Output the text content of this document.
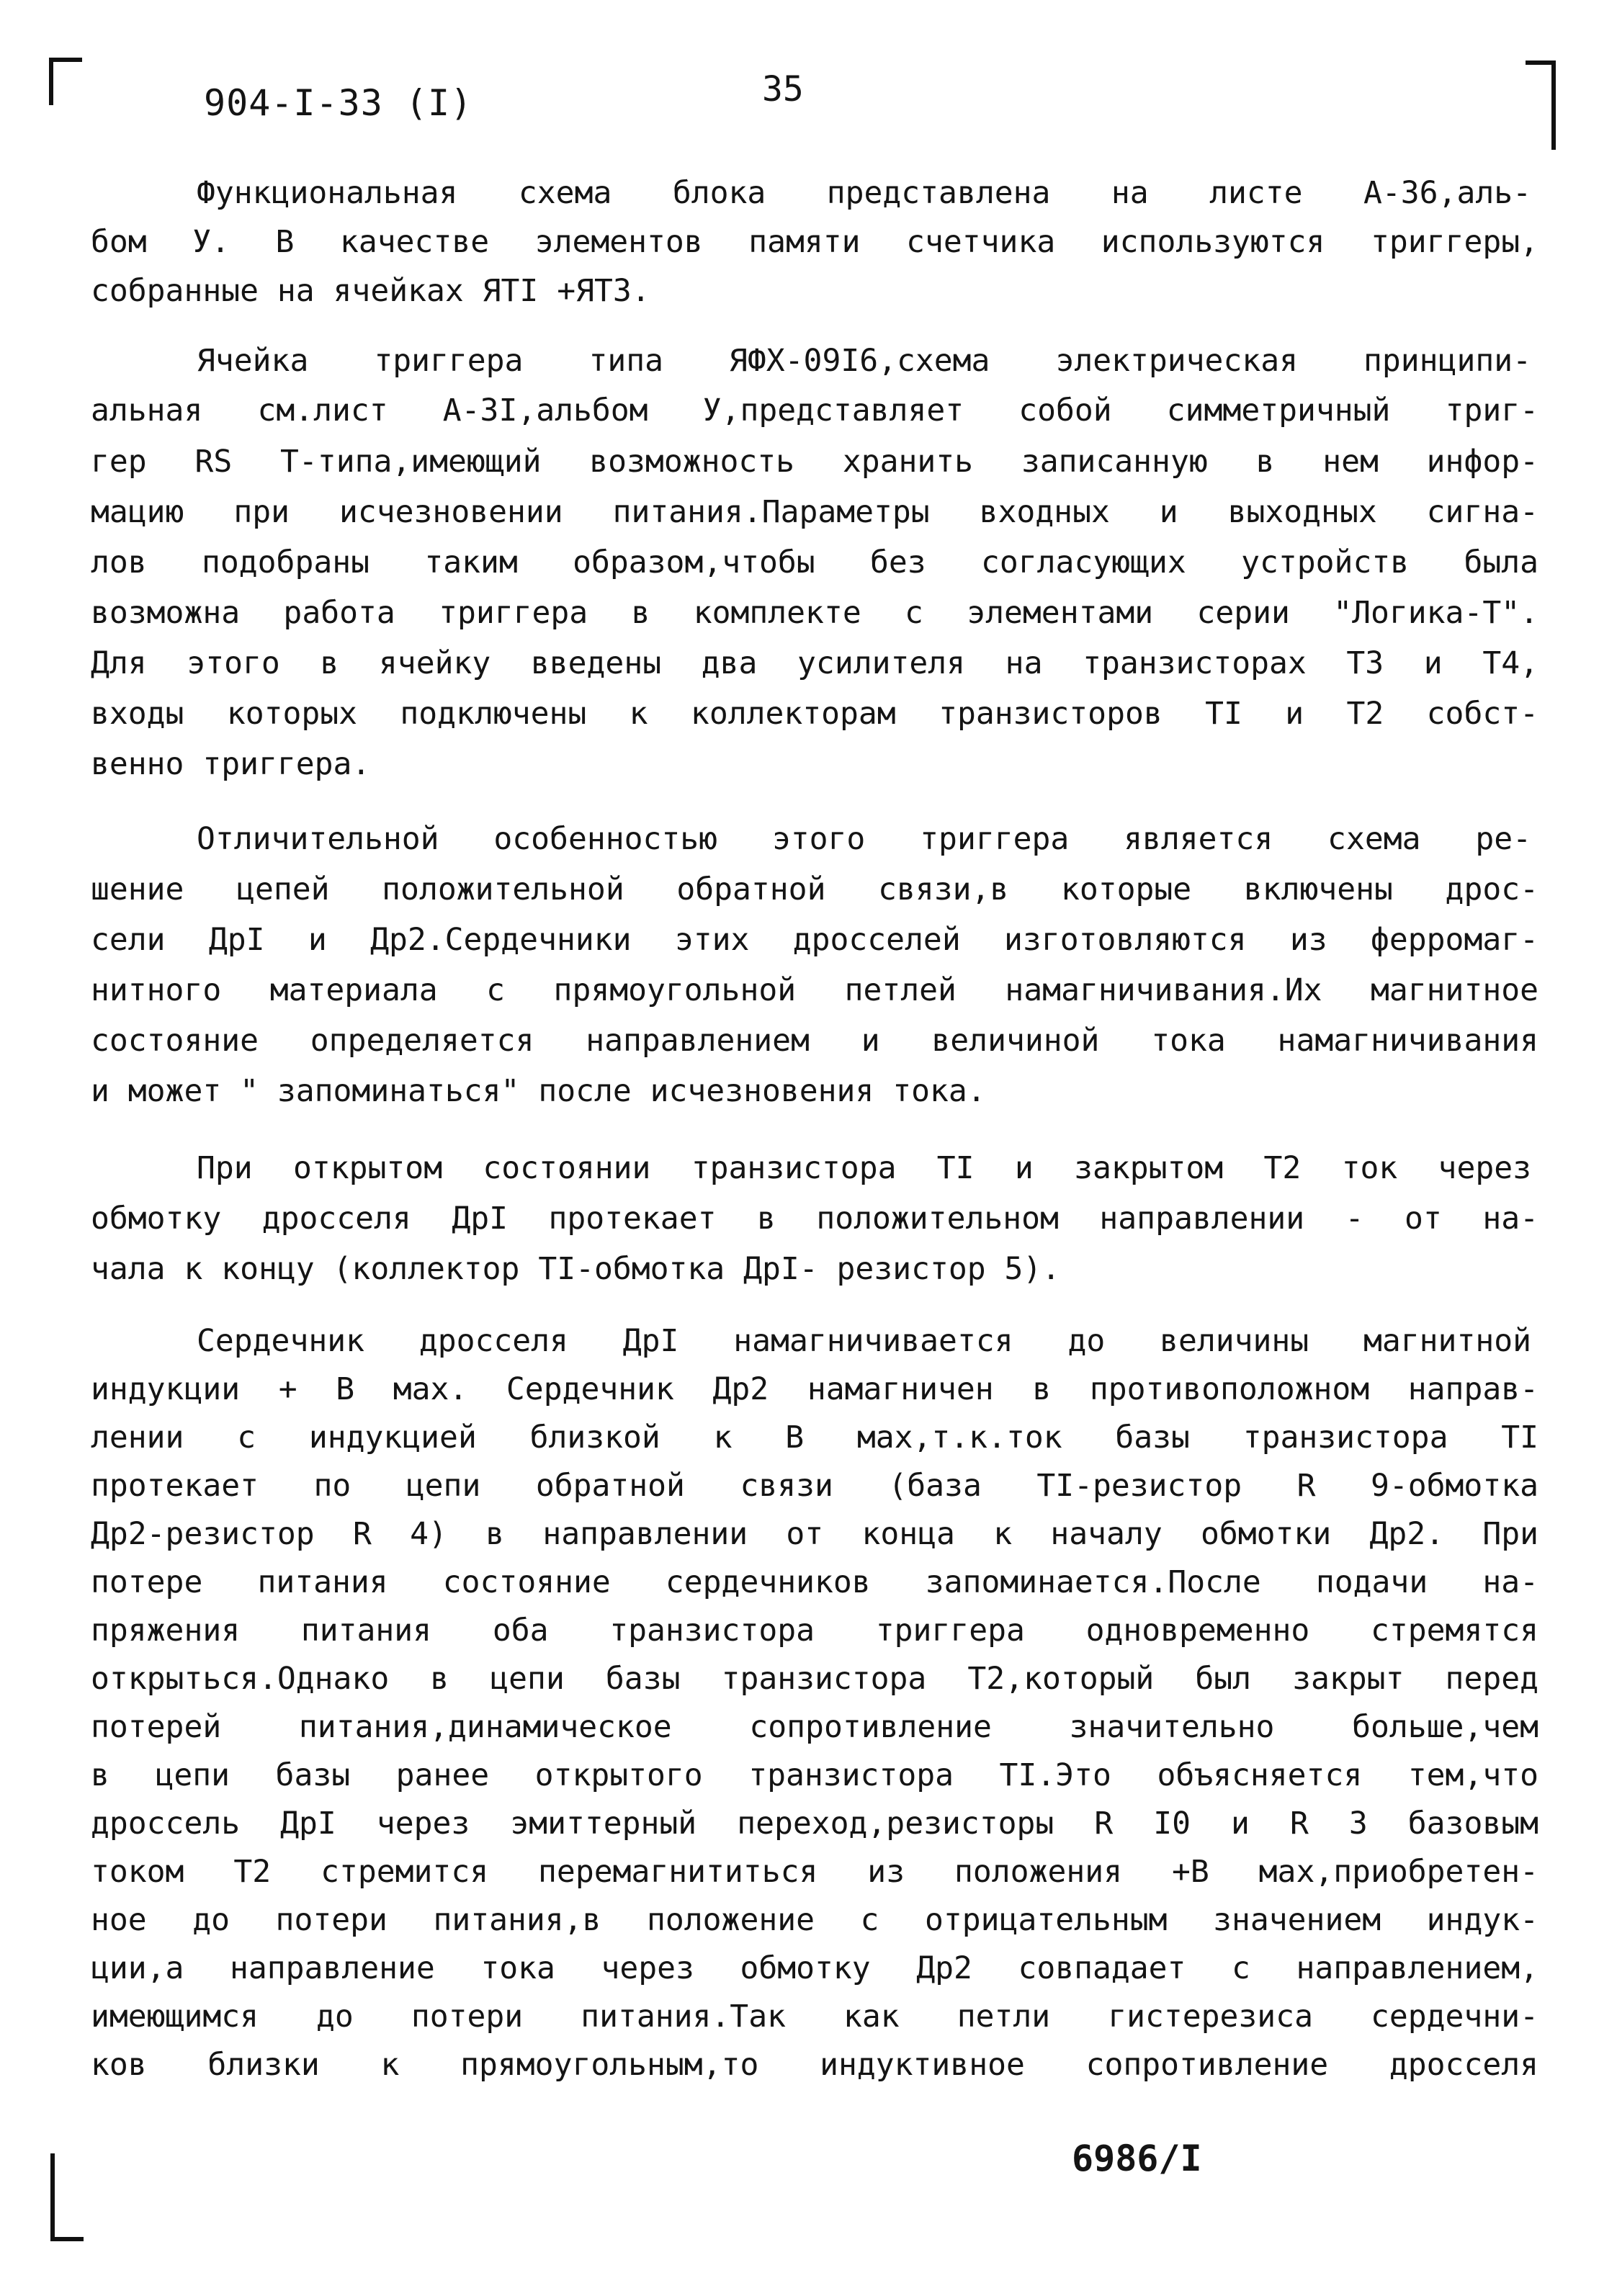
904-I-33 (I)	35
Функциональная схема блока представлена на листе А-36,аль-
бом У. В качестве элементов памяти счетчика используются триггеры,
собранные на ячейках ЯТI +ЯТ3.
Ячейка триггера типа ЯФХ-09I6,схема электрическая принципи-
альная см.лист А-3I,альбом У,представляет собой симметричный триг-
гер RS Т-типа,имеющий возможность хранить записанную в нем инфор-
мацию при исчезновении питания.Параметры входных и выходных сигна-
лов подобраны таким образом,чтобы без согласующих устройств была
возможна работа триггера в комплекте с элементами серии "Логика-Т".
Для этого в ячейку введены два усилителя на транзисторах Т3 и Т4,
входы которых подключены к коллекторам транзисторов ТI и Т2 собст-
венно триггера.
Отличительной особенностью этого триггера является схема ре-
шение цепей положительной обратной связи,в которые включены дрос-
сели ДрI и Др2.Сердечники этих дросселей изготовляются из ферромаг-
нитного материала с прямоугольной петлей намагничивания.Их магнитное
состояние определяется направлением и величиной тока намагничивания
и может " запоминаться" после исчезновения тока.
При открытом состоянии транзистора ТI и закрытом Т2 ток через
обмотку дросселя ДрI протекает в положительном направлении - от на-
чала к концу (коллектор ТI-обмотка ДрI- резистор 5).
Сердечник дросселя ДрI намагничивается до величины магнитной
индукции + В мах. Сердечник Др2 намагничен в противоположном направ-
лении с индукцией близкой к В мах,т.к.ток базы транзистора ТI
протекает по цепи обратной связи (база ТI-резистор R 9-обмотка
Др2-резистор R 4) в направлении от конца к началу обмотки Др2. При
потере питания состояние сердечников запоминается.После подачи на-
пряжения питания оба транзистора триггера одновременно стремятся
открыться.Однако в цепи базы транзистора Т2,который был закрыт перед
потерей питания,динамическое сопротивление значительно больше,чем
в цепи базы ранее открытого транзистора ТI.Это объясняется тем,что
дроссель ДрI через эмиттерный переход,резисторы R I0 и R 3 базовым
током Т2 стремится перемагнититься из положения +В мах,приобретен-
ное до потери питания,в положение с отрицательным значением индук-
ции,а направление тока через обмотку Др2 совпадает с направлением,
имеющимся до потери питания.Так как петли гистерезиса сердечни-
ков близки к прямоугольным,то индуктивное сопротивление дросселя
6986/I
